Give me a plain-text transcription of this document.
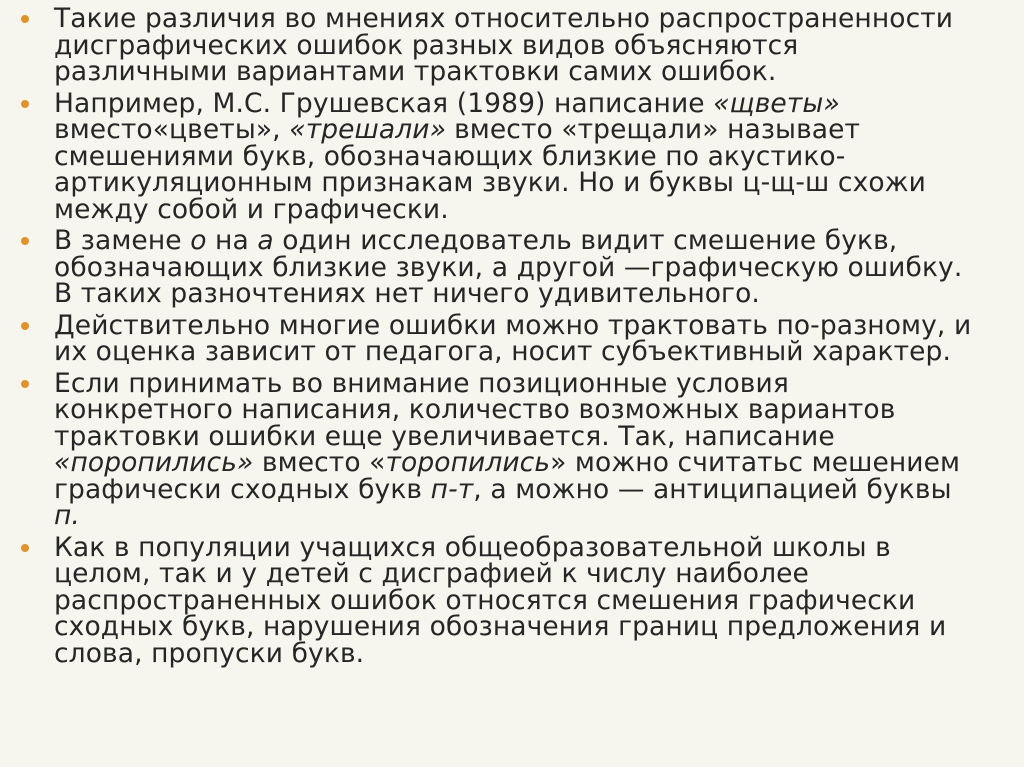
Такие различия во мнениях относительно распространенности
дисграфических ошибок разных видов объясняются
различными вариантами трактовки самих ошибок.
Например, М.С. Грушевская (1989) написание «щветы»
вместо«цветы», «трешали» вместо «трещали» называет
смешениями букв, обозначающих близкие по акустико-
артикуляционным признакам звуки. Но и буквы ц-щ-ш схожи
между собой и графически.
В замене о на а один исследователь видит смешение букв,
обозначающих близкие звуки, а другой —графическую ошибку.
В таких разночтениях нет ничего удивительного.
Действительно многие ошибки можно трактовать по-разному, и
их оценка зависит от педагога, носит субъективный характер.
Если принимать во внимание позиционные условия
конкретного написания, количество возможных вариантов
трактовки ошибки еще увеличивается. Так, написание
«поропились» вместо «торопились» можно считатьс мешением
графически сходных букв п-т, а можно — антиципацией буквы
п.
Как в популяции учащихся общеобразовательной школы в
целом, так и у детей с дисграфией к числу наиболее
распространенных ошибок относятся смешения графически
сходных букв, нарушения обозначения границ предложения и
слова, пропуски букв.
